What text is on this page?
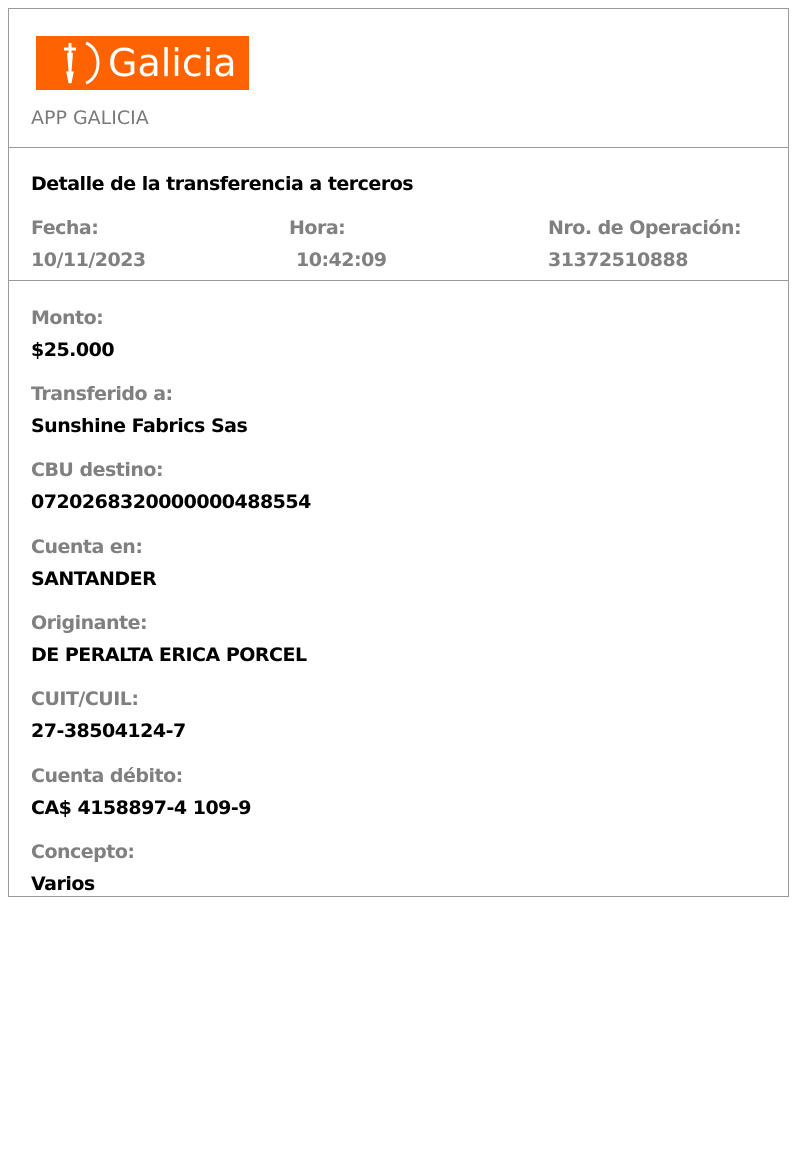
Galicia
APP GALICIA
Detalle de la transferencia a terceros
Fecha:
10/11/2023
Hora:
10:42:09
Nro. de Operación:
31372510888
Monto:
$25.000
Transferido a:
Sunshine Fabrics Sas
CBU destino:
0720268320000000488554
Cuenta en:
SANTANDER
Originante:
DE PERALTA ERICA PORCEL
CUIT/CUIL:
27-38504124-7
Cuenta débito:
CA$ 4158897-4 109-9
Concepto:
Varios
